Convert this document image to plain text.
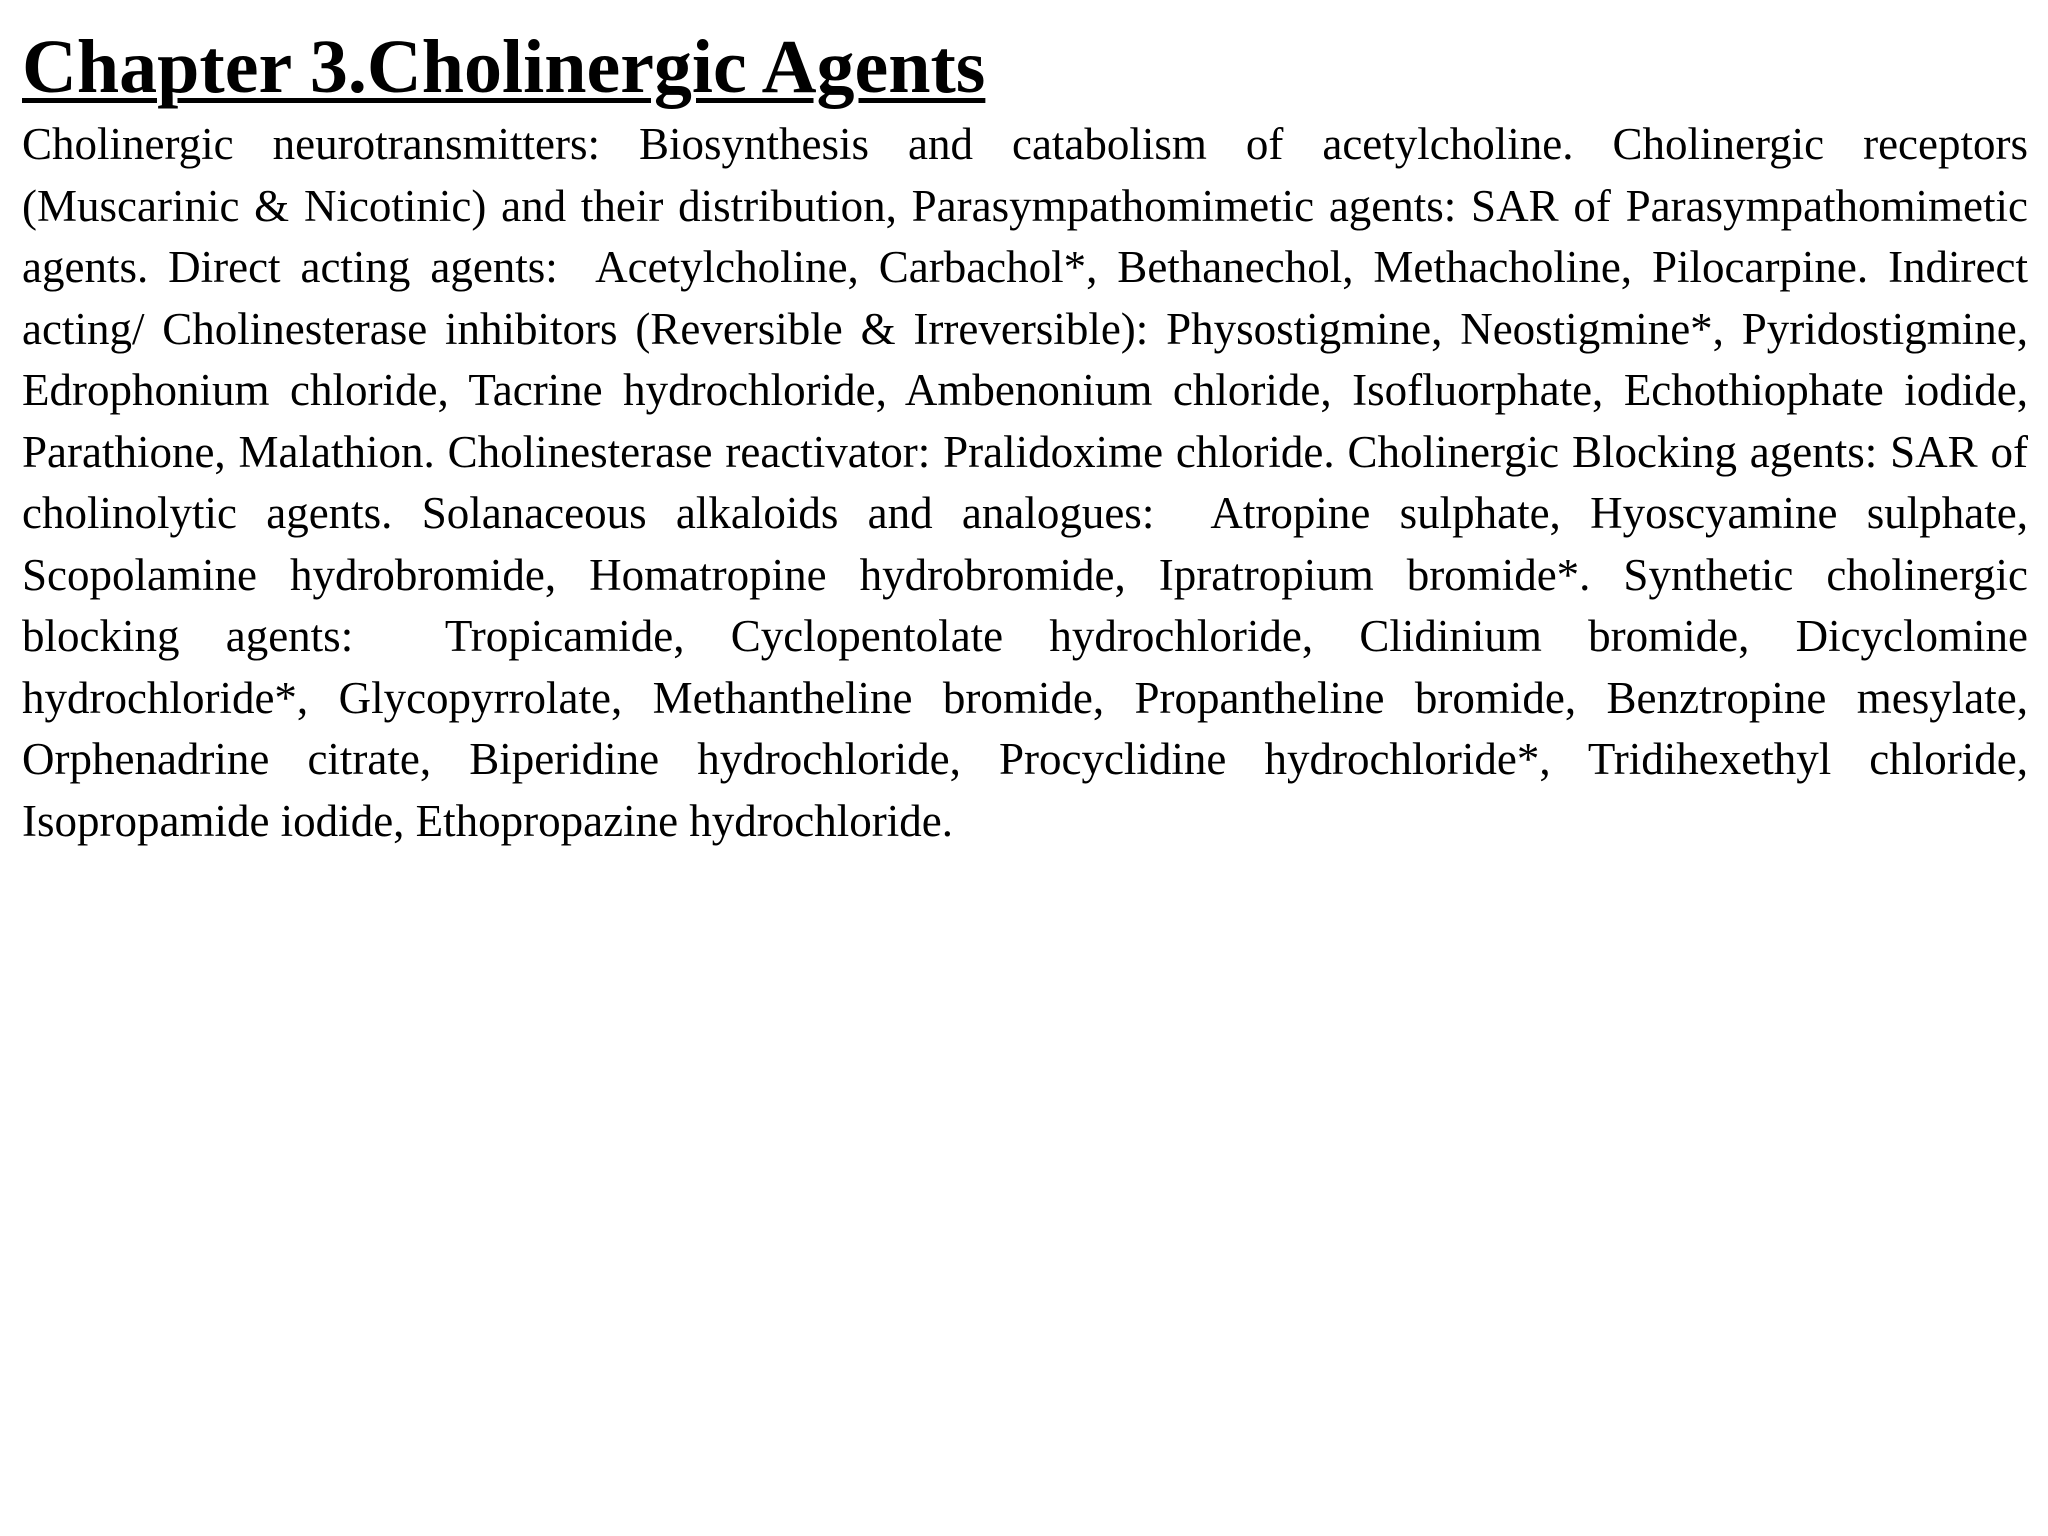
Chapter 3.Cholinergic Agents

Cholinergic neurotransmitters: Biosynthesis and catabolism of acetylcholine. Cholinergic receptors (Muscarinic & Nicotinic) and their distribution, Parasympathomimetic agents: SAR of Parasympathomimetic agents. Direct acting agents:  Acetylcholine, Carbachol*, Bethanechol, Methacholine, Pilocarpine. Indirect acting/ Cholinesterase inhibitors (Reversible & Irreversible): Physostigmine, Neostigmine*, Pyridostigmine, Edrophonium chloride, Tacrine hydrochloride, Ambenonium chloride, Isofluorphate, Echothiophate iodide, Parathione, Malathion. Cholinesterase reactivator: Pralidoxime chloride. Cholinergic Blocking agents: SAR of cholinolytic agents. Solanaceous alkaloids and analogues:  Atropine sulphate, Hyoscyamine sulphate, Scopolamine hydrobromide, Homatropine hydrobromide, Ipratropium bromide*. Synthetic cholinergic blocking agents:  Tropicamide, Cyclopentolate hydrochloride, Clidinium bromide, Dicyclomine hydrochloride*, Glycopyrrolate, Methantheline bromide, Propantheline bromide, Benztropine mesylate, Orphenadrine citrate, Biperidine hydrochloride, Procyclidine hydrochloride*, Tridihexethyl chloride, Isopropamide iodide, Ethopropazine hydrochloride.
